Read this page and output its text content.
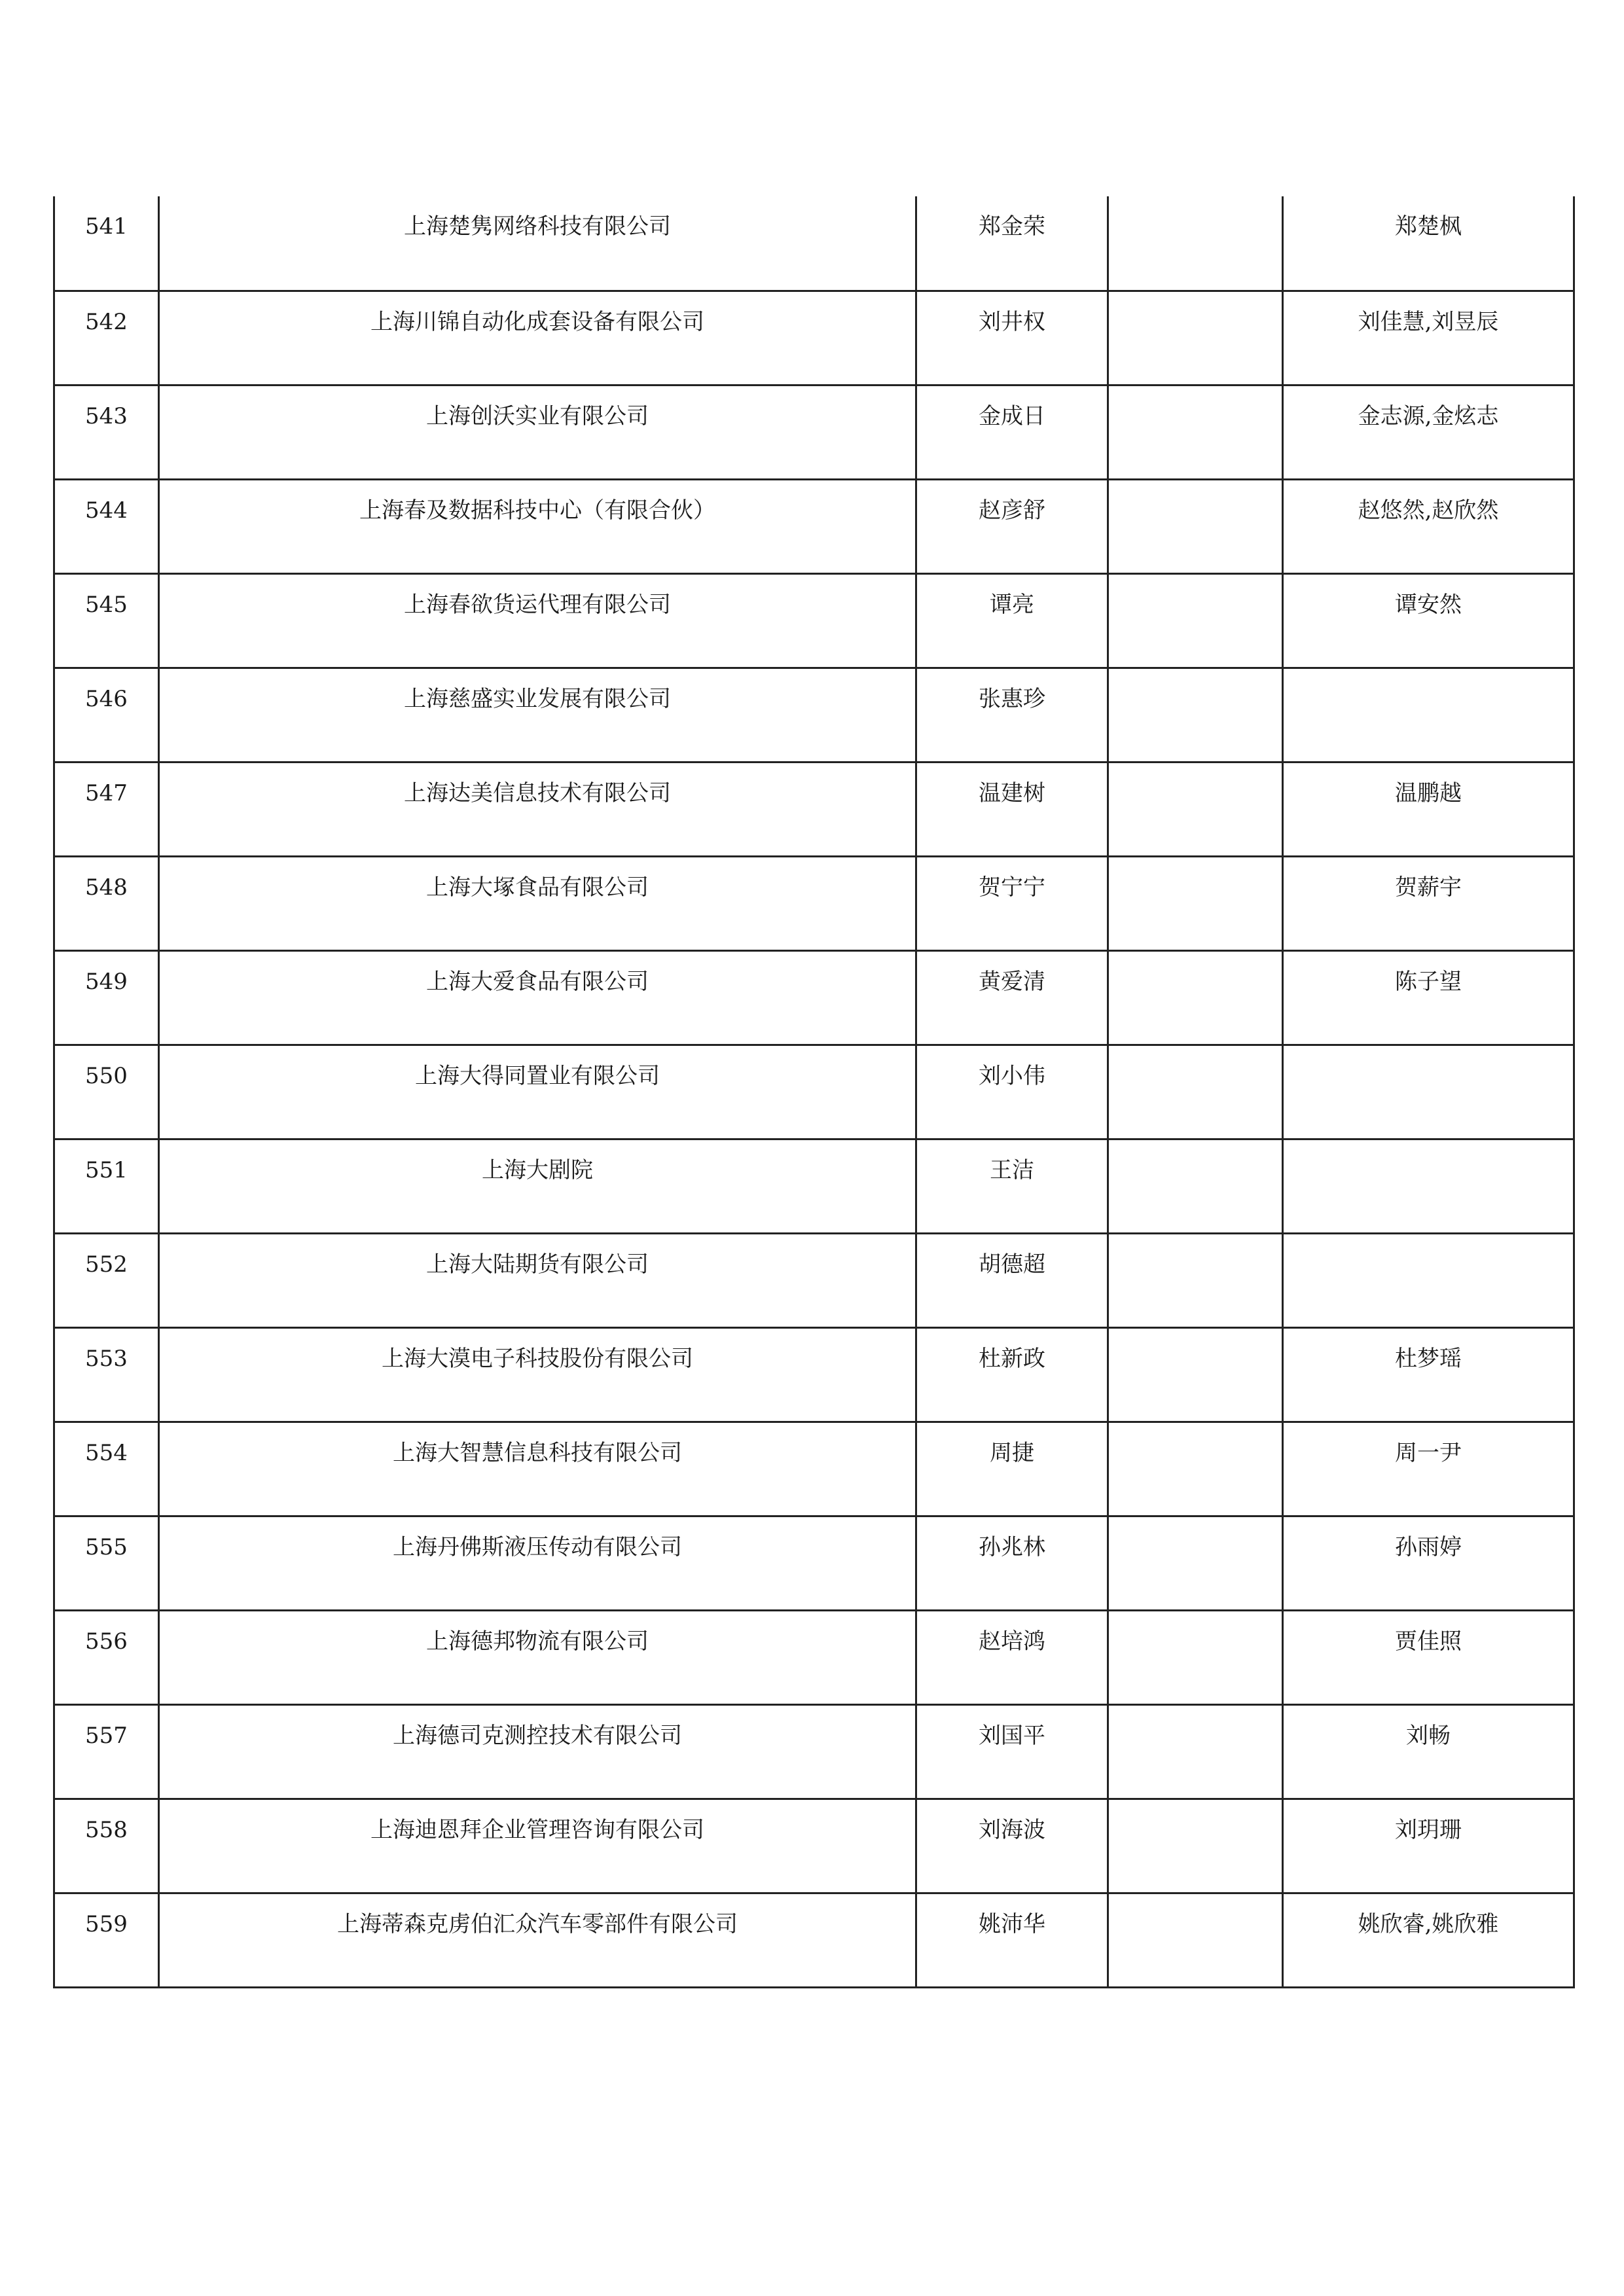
541	上海楚隽网络科技有限公司	郑金荣		郑楚枫
542	上海川锦自动化成套设备有限公司	刘井权		刘佳慧,刘昱辰
543	上海创沃实业有限公司	金成日		金志源,金炫志
544	上海春及数据科技中心（有限合伙）	赵彦舒		赵悠然,赵欣然
545	上海春欲货运代理有限公司	谭亮		谭安然
546	上海慈盛实业发展有限公司	张惠珍		
547	上海达美信息技术有限公司	温建树		温鹏越
548	上海大塚食品有限公司	贺宁宁		贺薪宇
549	上海大爱食品有限公司	黄爱清		陈子望
550	上海大得同置业有限公司	刘小伟		
551	上海大剧院	王洁		
552	上海大陆期货有限公司	胡德超		
553	上海大漠电子科技股份有限公司	杜新政		杜梦瑶
554	上海大智慧信息科技有限公司	周捷		周一尹
555	上海丹佛斯液压传动有限公司	孙兆林		孙雨婷
556	上海德邦物流有限公司	赵培鸿		贾佳照
557	上海德司克测控技术有限公司	刘国平		刘畅
558	上海迪恩拜企业管理咨询有限公司	刘海波		刘玥珊
559	上海蒂森克虏伯汇众汽车零部件有限公司	姚沛华		姚欣睿,姚欣雅
